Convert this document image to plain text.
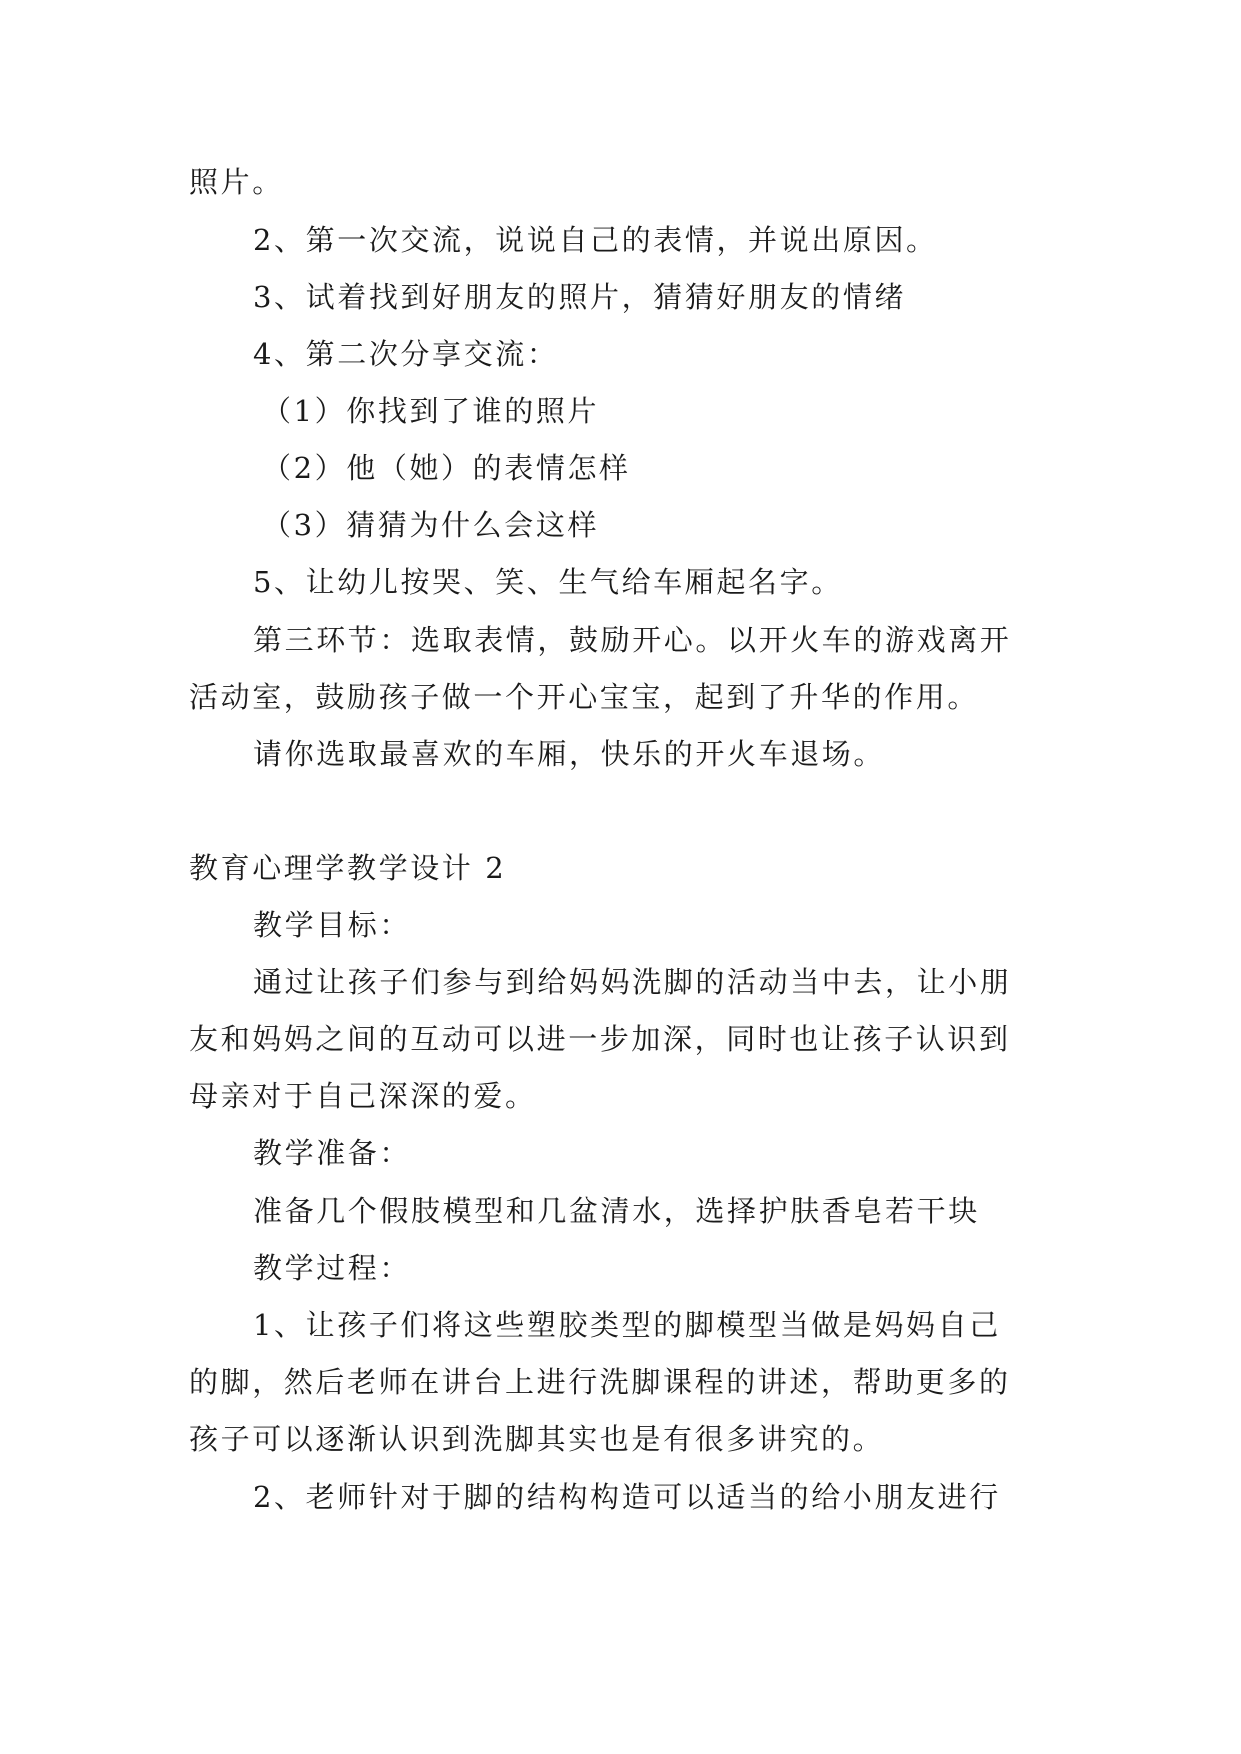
照片。
2、第一次交流，说说自己的表情，并说出原因。
3、试着找到好朋友的照片，猜猜好朋友的情绪
4、第二次分享交流：
（1）你找到了谁的照片
（2）他（她）的表情怎样
（3）猜猜为什么会这样
5、让幼儿按哭、笑、生气给车厢起名字。
第三环节：选取表情，鼓励开心。以开火车的游戏离开
活动室，鼓励孩子做一个开心宝宝，起到了升华的作用。
请你选取最喜欢的车厢，快乐的开火车退场。
教育心理学教学设计 2
教学目标：
通过让孩子们参与到给妈妈洗脚的活动当中去，让小朋
友和妈妈之间的互动可以进一步加深，同时也让孩子认识到
母亲对于自己深深的爱。
教学准备：
准备几个假肢模型和几盆清水，选择护肤香皂若干块
教学过程：
1、让孩子们将这些塑胶类型的脚模型当做是妈妈自己
的脚，然后老师在讲台上进行洗脚课程的讲述，帮助更多的
孩子可以逐渐认识到洗脚其实也是有很多讲究的。
2、老师针对于脚的结构构造可以适当的给小朋友进行
